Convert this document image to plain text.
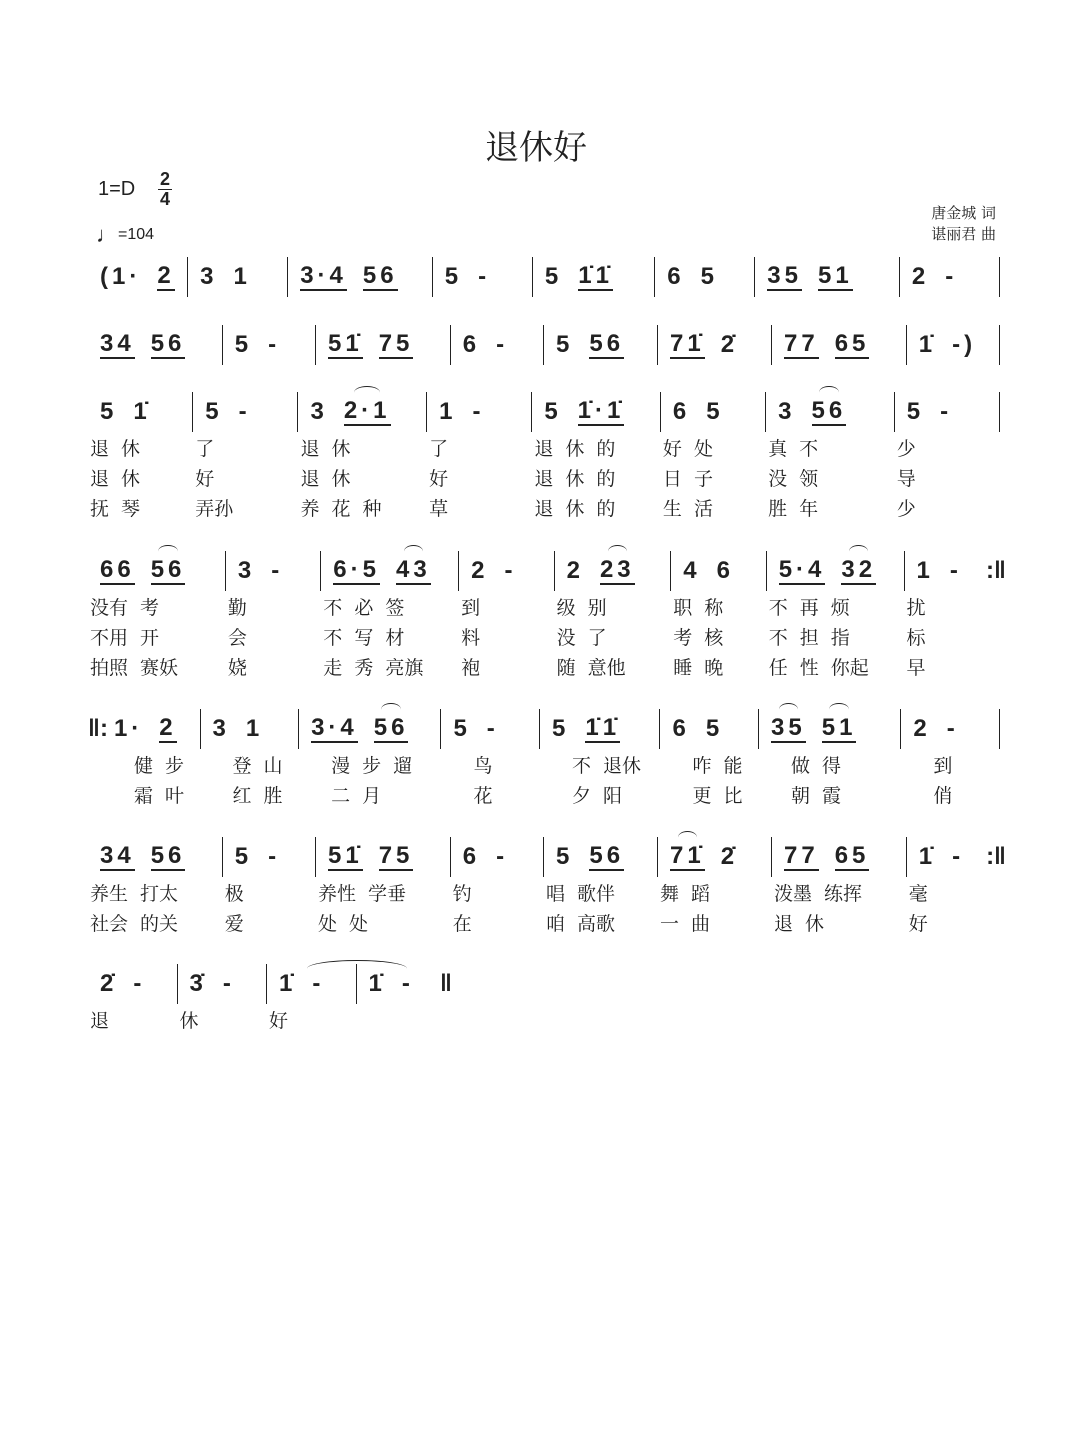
退休好
1=D 2
4
♩=104
唐金城 词
谌丽君 曲
(1· 2 3 1 3·4 56 5 - 5 1̇1̇ 6 5 35 51 2 -
34 56 5 - 51̇ 75 6 - 5 56 71̇ 2̇ 77 65 1̇ -)
5 1̇
退 休
退 休
抚 琴
5 -
了
好
弄孙
3 2·1
退 休
退 休
养 花 种
1 -
了
好
草
5 1̇·1̇
退 休 的
退 休 的
退 休 的
6 5
好 处
日 子
生 活
3 56
真 不
没 领
胜 年
5 -
少
导
少
66 56
没有 考
不用 开
拍照 赛妖
3 -
勤
会
娆
6·5 43
不 必 签
不 写 材
走 秀 亮旗
2 -
到
料
袍
2 23
级 别
没 了
随 意他
4 6
职 称
考 核
睡 晚
5·4 32
不 再 烦
不 担 指
任 性 你起
1 - :‖
扰
标
早
‖: 1· 2
健 步
霜 叶
3 1
登 山
红 胜
3·4 56
漫 步 遛
二 月
5 -
鸟
花
5 1̇1̇
不 退休
夕 阳
6 5
咋 能
更 比
35 51
做 得
朝 霞
2 -
到
俏
34 56
养生 打太
社会 的关
5 -
极
爱
51̇ 75
养性 学垂
处 处
6 -
钓
在
5 56
唱 歌伴
咱 高歌
71̇ 2̇
舞 蹈
一 曲
77 65
泼墨 练挥
退 休
1̇ - :‖
毫
好
2̇ -
退
3̇ -
休
1̇ -
好
1̇ - ‖
